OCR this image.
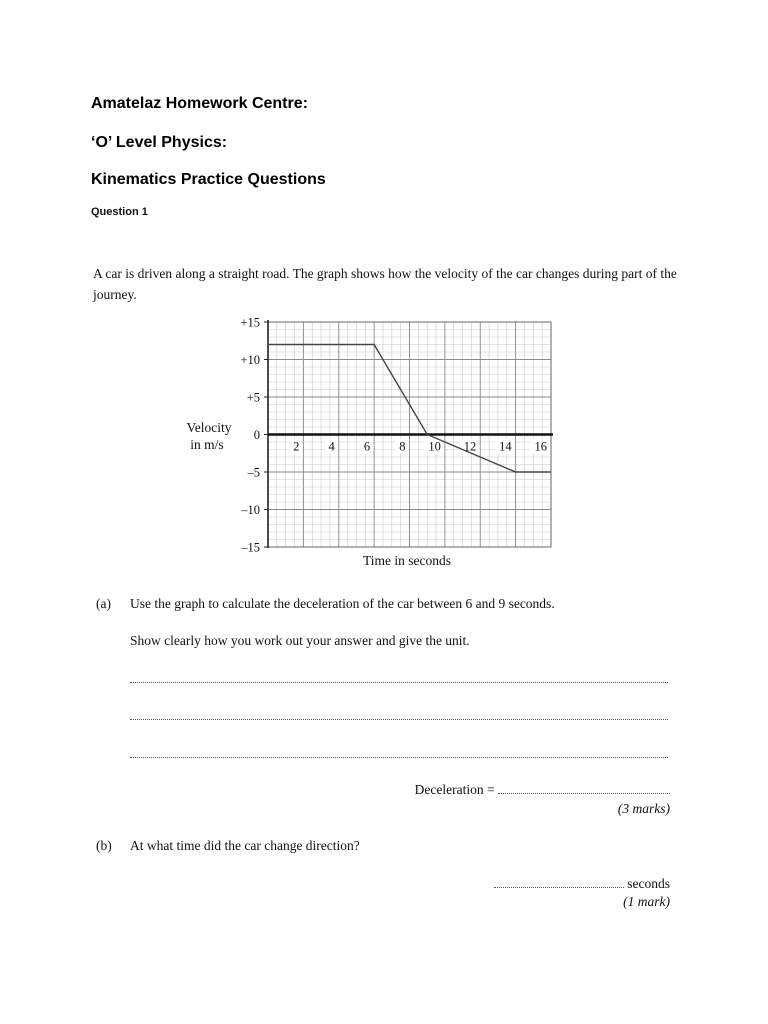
Amatelaz Homework Centre:

‘O’ Level Physics:

Kinematics Practice Questions

Question 1

A car is driven along a straight road. The graph shows how the velocity of the car changes during part of the journey.

+15
+10
+5
0
–5
–10
–15
2 4 6 8 10 12 14 16
Velocity
in m/s
Time in seconds

(a) Use the graph to calculate the deceleration of the car between 6 and 9 seconds.

Show clearly how you work out your answer and give the unit.

Deceleration =

(3 marks)

(b) At what time did the car change direction?

seconds

(1 mark)
